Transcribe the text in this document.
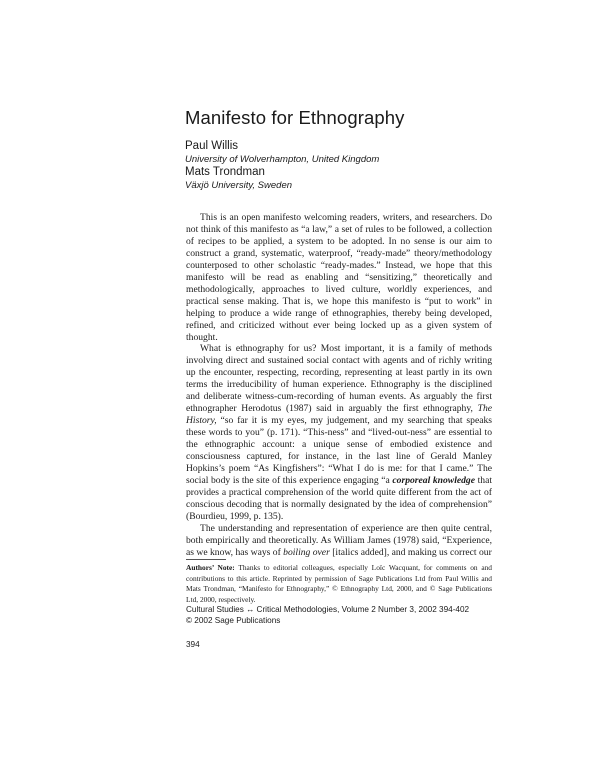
Manifesto for Ethnography
Paul Willis
University of Wolverhampton, United Kingdom
Mats Trondman
Växjö University, Sweden

This is an open manifesto welcoming readers, writers, and researchers. Do not think of this manifesto as “a law,” a set of rules to be followed, a collection of recipes to be applied, a system to be adopted. In no sense is our aim to construct a grand, systematic, waterproof, “ready-made” theory/methodology counterposed to other scholastic “ready-mades.” Instead, we hope that this manifesto will be read as enabling and “sensitizing,” theoretically and methodologically, approaches to lived culture, worldly experiences, and practical sense making. That is, we hope this manifesto is “put to work” in helping to produce a wide range of ethnographies, thereby being developed, refined, and criticized without ever being locked up as a given system of thought.

What is ethnography for us? Most important, it is a family of methods involving direct and sustained social contact with agents and of richly writing up the encounter, respecting, recording, representing at least partly in its own terms the irreducibility of human experience. Ethnography is the disciplined and deliberate witness-cum-recording of human events. As arguably the first ethnographer Herodotus (1987) said in arguably the first ethnography, The History, “so far it is my eyes, my judgement, and my searching that speaks these words to you” (p. 171). “This-ness” and “lived-out-ness” are essential to the ethnographic account: a unique sense of embodied existence and consciousness captured, for instance, in the last line of Gerald Manley Hopkins’s poem “As Kingfishers”: “What I do is me: for that I came.” The social body is the site of this experience engaging “a corporeal knowledge that provides a practical comprehension of the world quite different from the act of conscious decoding that is normally designated by the idea of comprehension” (Bourdieu, 1999, p. 135).

The understanding and representation of experience are then quite central, both empirically and theoretically. As William James (1978) said, “Experience, as we know, has ways of boiling over [italics added], and making us correct our

Authors’ Note: Thanks to editorial colleagues, especially Loïc Wacquant, for comments on and contributions to this article. Reprinted by permission of Sage Publications Ltd from Paul Willis and Mats Trondman, “Manifesto for Ethnography,” © Ethnography Ltd, 2000, and © Sage Publications Ltd, 2000, respectively.
Cultural Studies ↔ Critical Methodologies, Volume 2 Number 3, 2002 394-402
© 2002 Sage Publications
394
